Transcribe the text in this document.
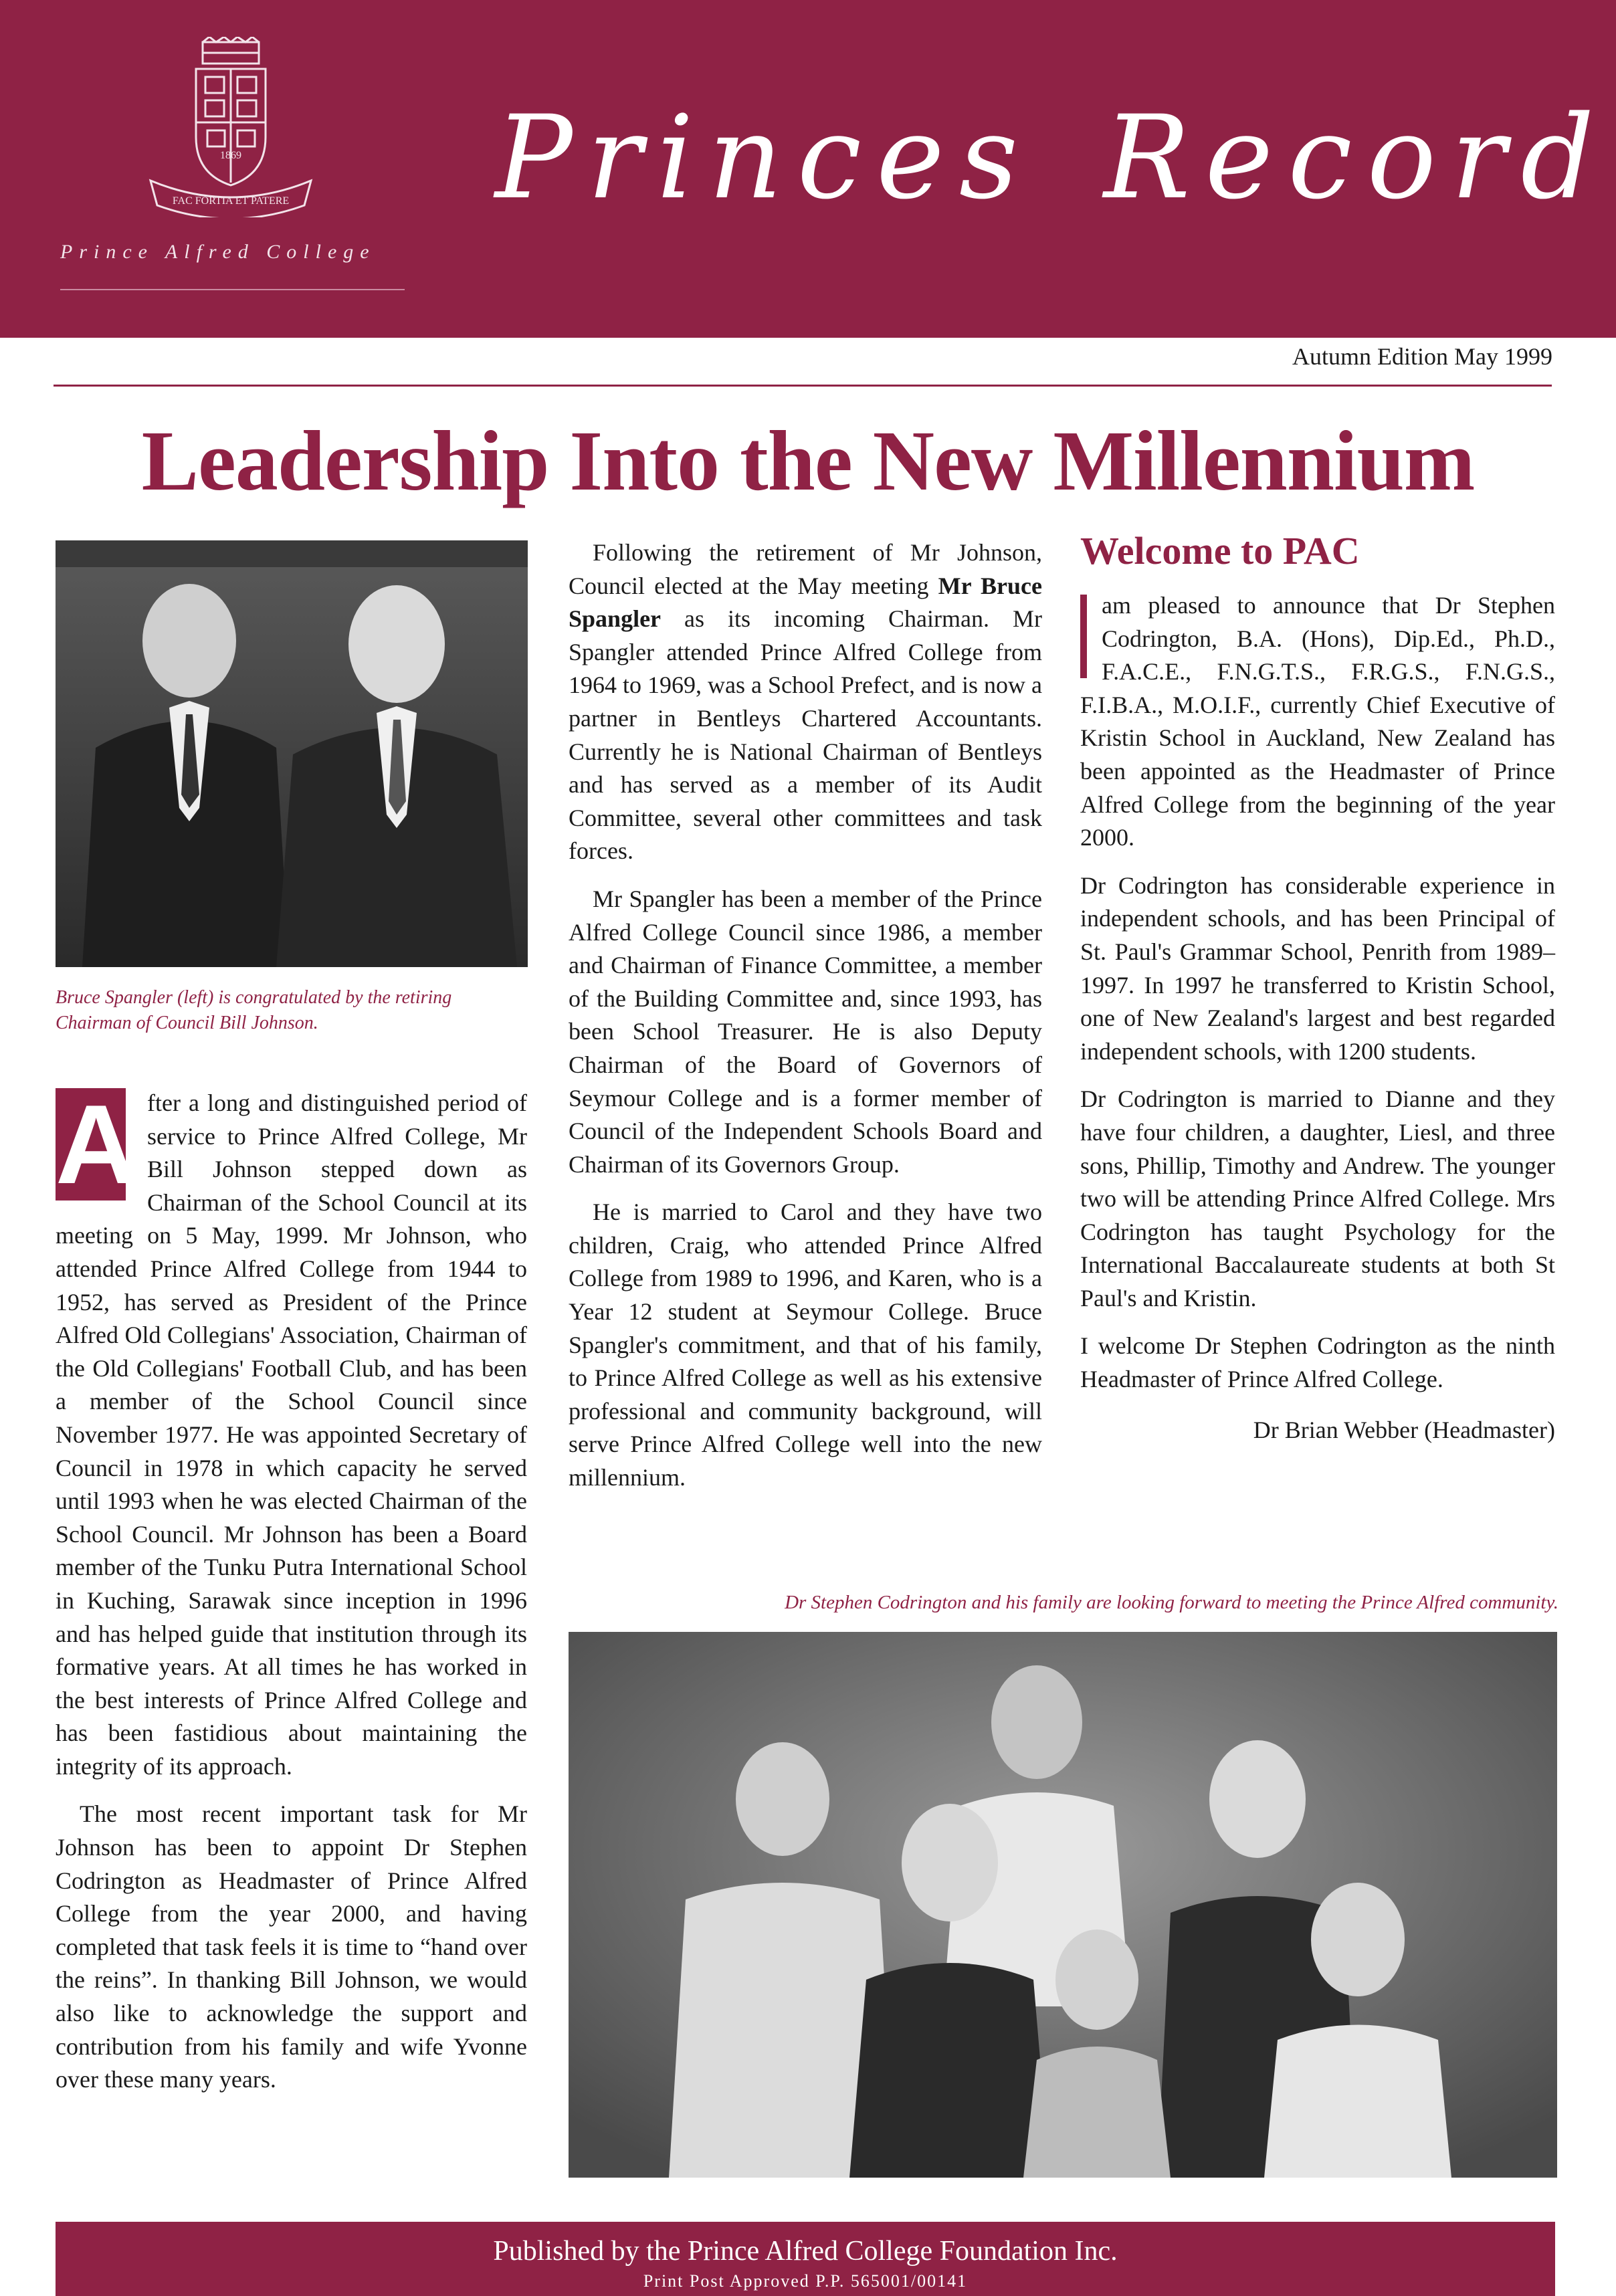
1869
FAC FORTIA ET PATERE
Prince Alfred College
Princes Record
Autumn Edition May 1999
Leadership Into the New Millennium
Bruce Spangler (left) is congratulated by the retiring Chairman of Council Bill Johnson.

A fter a long and distinguished period of service to Prince Alfred College, Mr Bill Johnson stepped down as Chairman of the School Council at its meeting on 5 May, 1999. Mr Johnson, who attended Prince Alfred College from 1944 to 1952, has served as President of the Prince Alfred Old Collegians' Association, Chairman of the Old Collegians' Football Club, and has been a member of the School Council since November 1977. He was appointed Secretary of Council in 1978 in which capacity he served until 1993 when he was elected Chairman of the School Council. Mr Johnson has been a Board member of the Tunku Putra International School in Kuching, Sarawak since inception in 1996 and has helped guide that institution through its formative years. At all times he has worked in the best interests of Prince Alfred College and has been fastidious about maintaining the integrity of its approach.

The most recent important task for Mr Johnson has been to appoint Dr Stephen Codrington as Headmaster of Prince Alfred College from the year 2000, and having completed that task feels it is time to “hand over the reins”. In thanking Bill Johnson, we would also like to acknowledge the support and contribution from his family and wife Yvonne over these many years.

Following the retirement of Mr Johnson, Council elected at the May meeting Mr Bruce Spangler as its incoming Chairman. Mr Spangler attended Prince Alfred College from 1964 to 1969, was a School Prefect, and is now a partner in Bentleys Chartered Accountants. Currently he is National Chairman of Bentleys and has served as a member of its Audit Committee, several other committees and task forces.

Mr Spangler has been a member of the Prince Alfred College Council since 1986, a member and Chairman of Finance Committee, a member of the Building Committee and, since 1993, has been School Treasurer. He is also Deputy Chairman of the Board of Governors of Seymour College and is a former member of Council of the Independent Schools Board and Chairman of its Governors Group.

He is married to Carol and they have two children, Craig, who attended Prince Alfred College from 1989 to 1996, and Karen, who is a Year 12 student at Seymour College. Bruce Spangler's commitment, and that of his family, to Prince Alfred College as well as his extensive professional and community background, will serve Prince Alfred College well into the new millennium.

Welcome to PAC

am pleased to announce that Dr Stephen Codrington, B.A. (Hons), Dip.Ed., Ph.D., F.A.C.E., F.N.G.T.S., F.R.G.S., F.N.G.S., F.I.B.A., M.O.I.F., currently Chief Executive of Kristin School in Auckland, New Zealand has been appointed as the Headmaster of Prince Alfred College from the beginning of the year 2000.

Dr Codrington has considerable experience in independent schools, and has been Principal of St. Paul's Grammar School, Penrith from 1989–1997. In 1997 he transferred to Kristin School, one of New Zealand's largest and best regarded independent schools, with 1200 students.

Dr Codrington is married to Dianne and they have four children, a daughter, Liesl, and three sons, Phillip, Timothy and Andrew. The younger two will be attending Prince Alfred College. Mrs Codrington has taught Psychology for the International Baccalaureate students at both St Paul's and Kristin.

I welcome Dr Stephen Codrington as the ninth Headmaster of Prince Alfred College.

Dr Brian Webber (Headmaster)
Dr Stephen Codrington and his family are looking forward to meeting the Prince Alfred community.
Published by the Prince Alfred College Foundation Inc.
Print Post Approved P.P. 565001/00141
